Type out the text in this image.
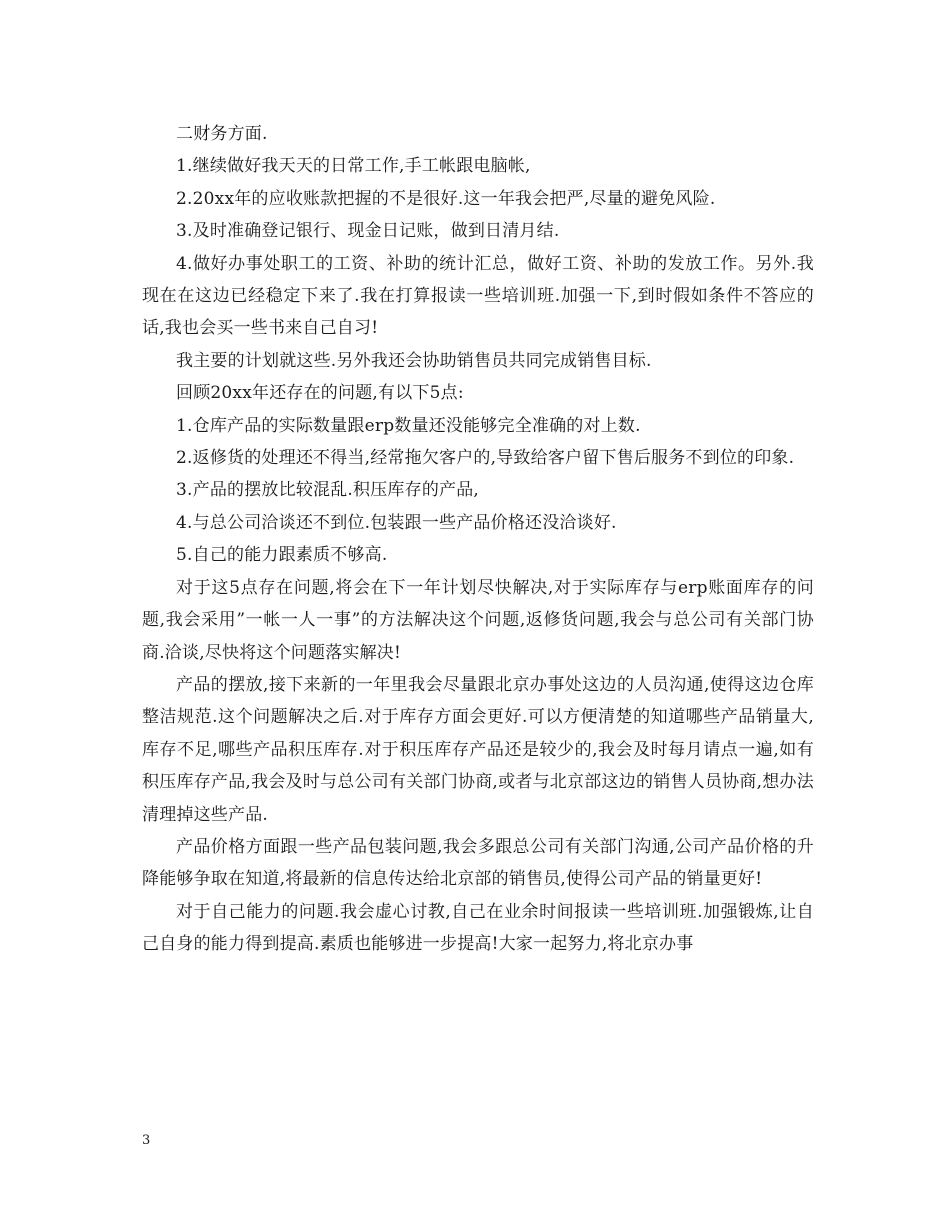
二财务方面.

1.继续做好我天天的日常工作,手工帐跟电脑帐,

2.20xx年的应收账款把握的不是很好.这一年我会把严,尽量的避免风险.

3.及时准确登记银行、现金日记账，做到日清月结.

4.做好办事处职工的工资、补助的统计汇总，做好工资、补助的发放工作。另外.我现在在这边已经稳定下来了.我在打算报读一些培训班.加强一下,到时假如条件不答应的话,我也会买一些书来自己自习!

我主要的计划就这些.另外我还会协助销售员共同完成销售目标.

回顾20xx年还存在的问题,有以下5点:

1.仓库产品的实际数量跟erp数量还没能够完全准确的对上数.

2.返修货的处理还不得当,经常拖欠客户的,导致给客户留下售后服务不到位的印象.

3.产品的摆放比较混乱.积压库存的产品,

4.与总公司洽谈还不到位.包装跟一些产品价格还没洽谈好.

5.自己的能力跟素质不够高.

对于这5点存在问题,将会在下一年计划尽快解决,对于实际库存与erp账面库存的问题,我会采用”一帐一人一事”的方法解决这个问题,返修货问题,我会与总公司有关部门协商.洽谈,尽快将这个问题落实解决!

产品的摆放,接下来新的一年里我会尽量跟北京办事处这边的人员沟通,使得这边仓库整洁规范.这个问题解决之后.对于库存方面会更好.可以方便清楚的知道哪些产品销量大,库存不足,哪些产品积压库存.对于积压库存产品还是较少的,我会及时每月请点一遍,如有积压库存产品,我会及时与总公司有关部门协商,或者与北京部这边的销售人员协商,想办法清理掉这些产品.

产品价格方面跟一些产品包装问题,我会多跟总公司有关部门沟通,公司产品价格的升降能够争取在知道,将最新的信息传达给北京部的销售员,使得公司产品的销量更好!

对于自己能力的问题.我会虚心讨教,自己在业余时间报读一些培训班.加强锻炼,让自己自身的能力得到提高.素质也能够进一步提高!大家一起努力,将北京办事

3
